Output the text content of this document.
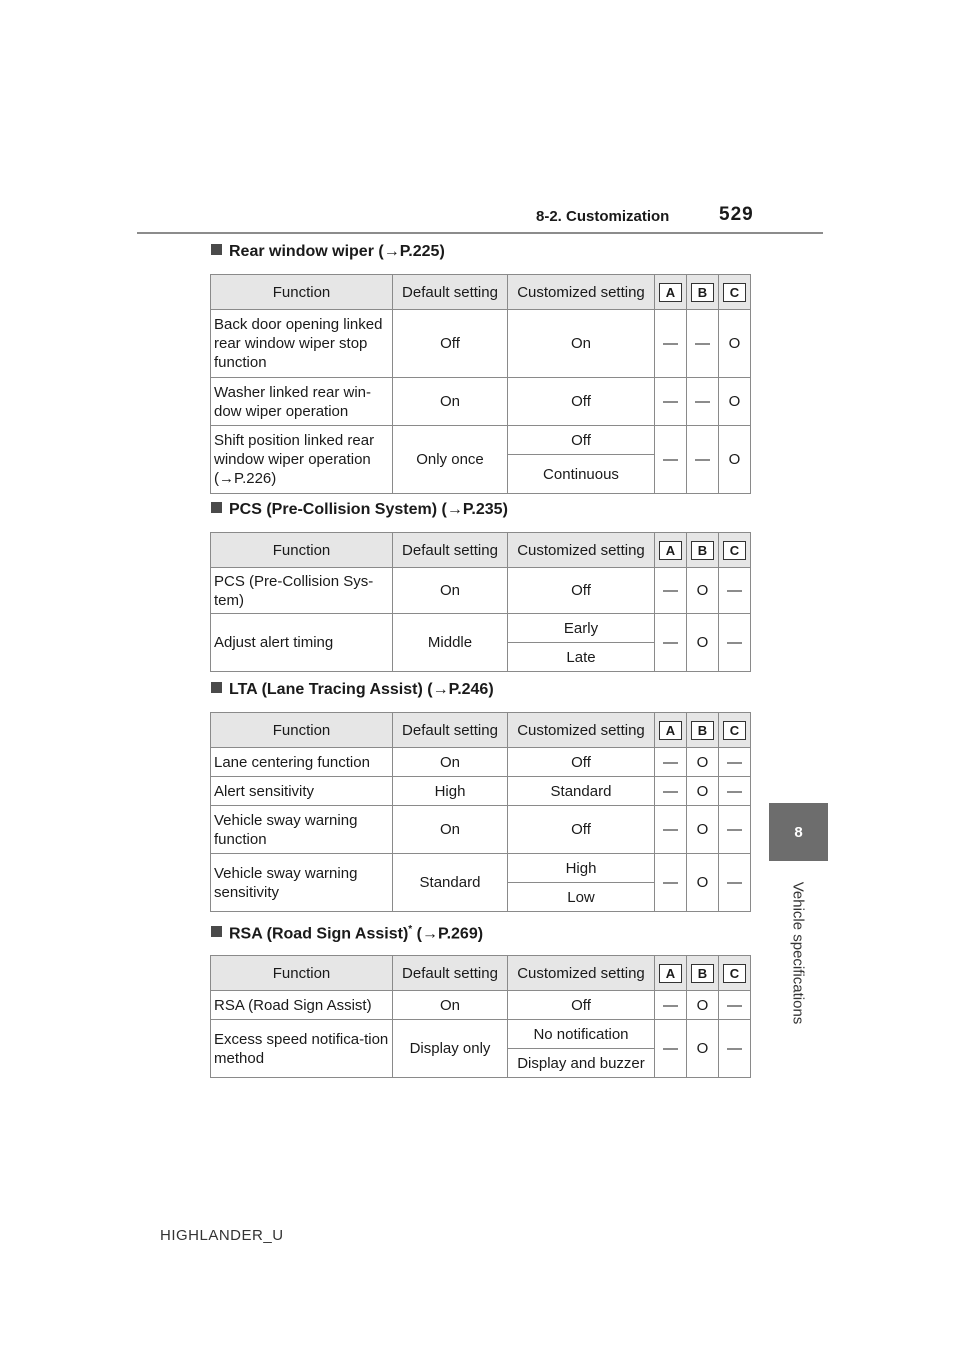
8-2. Customization	529
8
Vehicle specifications
HIGHLANDER_U
Rear window wiper (→P.225)
Function	Default setting	Customized setting	A	B	C
Back door opening linked rear window wiper stop function	Off	On	—	—	O
Washer linked rear win-dow wiper operation	On	Off	—	—	O
Shift position linked rear window wiper operation (→P.226)	Only once	Off	—	—	O
		Continuous			
PCS (Pre-Collision System) (→P.235)
Function	Default setting	Customized setting	A	B	C
PCS (Pre-Collision Sys-tem)	On	Off	—	O	—
Adjust alert timing	Middle	Early	—	O	—
		Late			
LTA (Lane Tracing Assist) (→P.246)
Function	Default setting	Customized setting	A	B	C
Lane centering function	On	Off	—	O	—
Alert sensitivity	High	Standard	—	O	—
Vehicle sway warning function	On	Off	—	O	—
Vehicle sway warning sensitivity	Standard	High	—	O	—
		Low			
RSA (Road Sign Assist)* (→P.269)
Function	Default setting	Customized setting	A	B	C
RSA (Road Sign Assist)	On	Off	—	O	—
Excess speed notifica-tion method	Display only	No notification	—	O	—
		Display and buzzer			
